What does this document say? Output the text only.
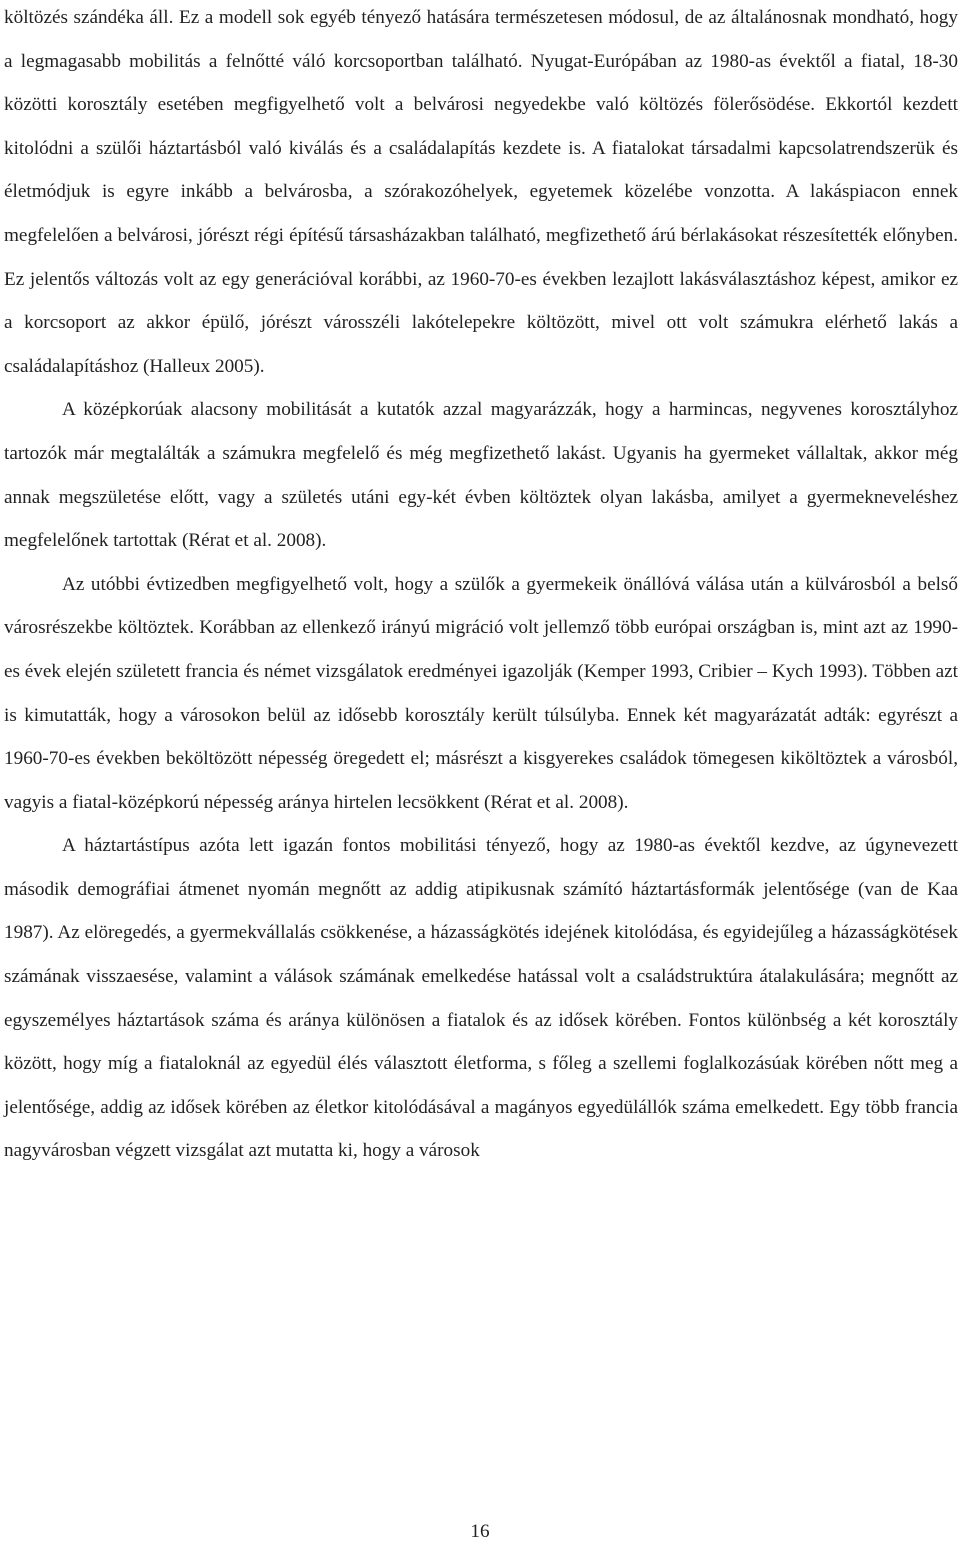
költözés szándéka áll. Ez a modell sok egyéb tényező hatására természetesen módosul, de az általánosnak mondható, hogy a legmagasabb mobilitás a felnőtté váló korcsoportban található. Nyugat-Európában az 1980-as évektől a fiatal, 18-30 közötti korosztály esetében megfigyelhető volt a belvárosi negyedekbe való költözés fölerősödése. Ekkortól kezdett kitolódni a szülői háztartásból való kiválás és a családalapítás kezdete is. A fiatalokat társadalmi kapcsolatrendszerük és életmódjuk is egyre inkább a belvárosba, a szórakozóhelyek, egyetemek közelébe vonzotta. A lakáspiacon ennek megfelelően a belvárosi, jórészt régi építésű társasházakban található, megfizethető árú bérlakásokat részesítették előnyben. Ez jelentős változás volt az egy generációval korábbi, az 1960-70-es években lezajlott lakásválasztáshoz képest, amikor ez a korcsoport az akkor épülő, jórészt városszéli lakótelepekre költözött, mivel ott volt számukra elérhető lakás a családalapításhoz (Halleux 2005).

A középkorúak alacsony mobilitását a kutatók azzal magyarázzák, hogy a harmincas, negyvenes korosztályhoz tartozók már megtalálták a számukra megfelelő és még megfizethető lakást. Ugyanis ha gyermeket vállaltak, akkor még annak megszületése előtt, vagy a születés utáni egy-két évben költöztek olyan lakásba, amilyet a gyermekneveléshez megfelelőnek tartottak (Rérat et al. 2008).

Az utóbbi évtizedben megfigyelhető volt, hogy a szülők a gyermekeik önállóvá válása után a külvárosból a belső városrészekbe költöztek. Korábban az ellenkező irányú migráció volt jellemző több európai országban is, mint azt az 1990-es évek elején született francia és német vizsgálatok eredményei igazolják (Kemper 1993, Cribier – Kych 1993). Többen azt is kimutatták, hogy a városokon belül az idősebb korosztály került túlsúlyba. Ennek két magyarázatát adták: egyrészt a 1960-70-es években beköltözött népesség öregedett el; másrészt a kisgyerekes családok tömegesen kiköltöztek a városból, vagyis a fiatal-középkorú népesség aránya hirtelen lecsökkent (Rérat et al. 2008).

A háztartástípus azóta lett igazán fontos mobilitási tényező, hogy az 1980-as évektől kezdve, az úgynevezett második demográfiai átmenet nyomán megnőtt az addig atipikusnak számító háztartásformák jelentősége (van de Kaa 1987). Az elöregedés, a gyermekvállalás csökkenése, a házasságkötés idejének kitolódása, és egyidejűleg a házasságkötések számának visszaesése, valamint a válások számának emelkedése hatással volt a családstruktúra átalakulására; megnőtt az egyszemélyes háztartások száma és aránya különösen a fiatalok és az idősek körében. Fontos különbség a két korosztály között, hogy míg a fiataloknál az egyedül élés választott életforma, s főleg a szellemi foglalkozásúak körében nőtt meg a jelentősége, addig az idősek körében az életkor kitolódásával a magányos egyedülállók száma emelkedett. Egy több francia nagyvárosban végzett vizsgálat azt mutatta ki, hogy a városok

16
